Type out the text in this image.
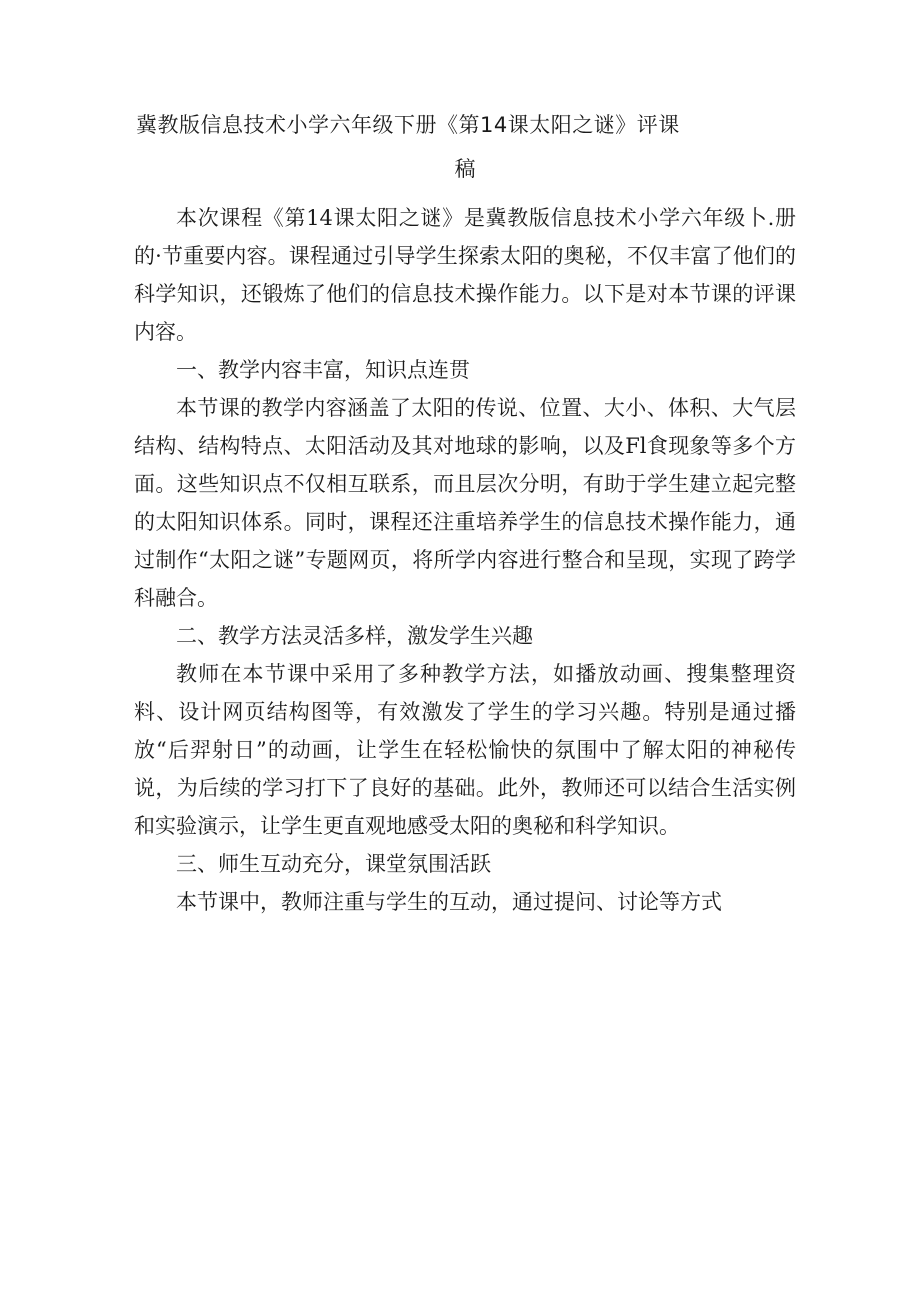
冀教版信息技术小学六年级下册《第14课太阳之谜》评课
稿

本次课程《第14课太阳之谜》是冀教版信息技术小学六年级卜.册的·节重要内容。课程通过引导学生探索太阳的奥秘，不仅丰富了他们的科学知识，还锻炼了他们的信息技术操作能力。以下是对本节课的评课内容。

一、教学内容丰富，知识点连贯

本节课的教学内容涵盖了太阳的传说、位置、大小、体积、大气层结构、结构特点、太阳活动及其对地球的影响，以及Fl食现象等多个方面。这些知识点不仅相互联系，而且层次分明，有助于学生建立起完整的太阳知识体系。同时，课程还注重培养学生的信息技术操作能力，通过制作“太阳之谜”专题网页，将所学内容进行整合和呈现，实现了跨学科融合。

二、教学方法灵活多样，激发学生兴趣

教师在本节课中采用了多种教学方法，如播放动画、搜集整理资料、设计网页结构图等，有效激发了学生的学习兴趣。特别是通过播放“后羿射日”的动画，让学生在轻松愉快的氛围中了解太阳的神秘传说，为后续的学习打下了良好的基础。此外，教师还可以结合生活实例和实验演示，让学生更直观地感受太阳的奥秘和科学知识。

三、师生互动充分，课堂氛围活跃

本节课中，教师注重与学生的互动，通过提问、讨论等方式
